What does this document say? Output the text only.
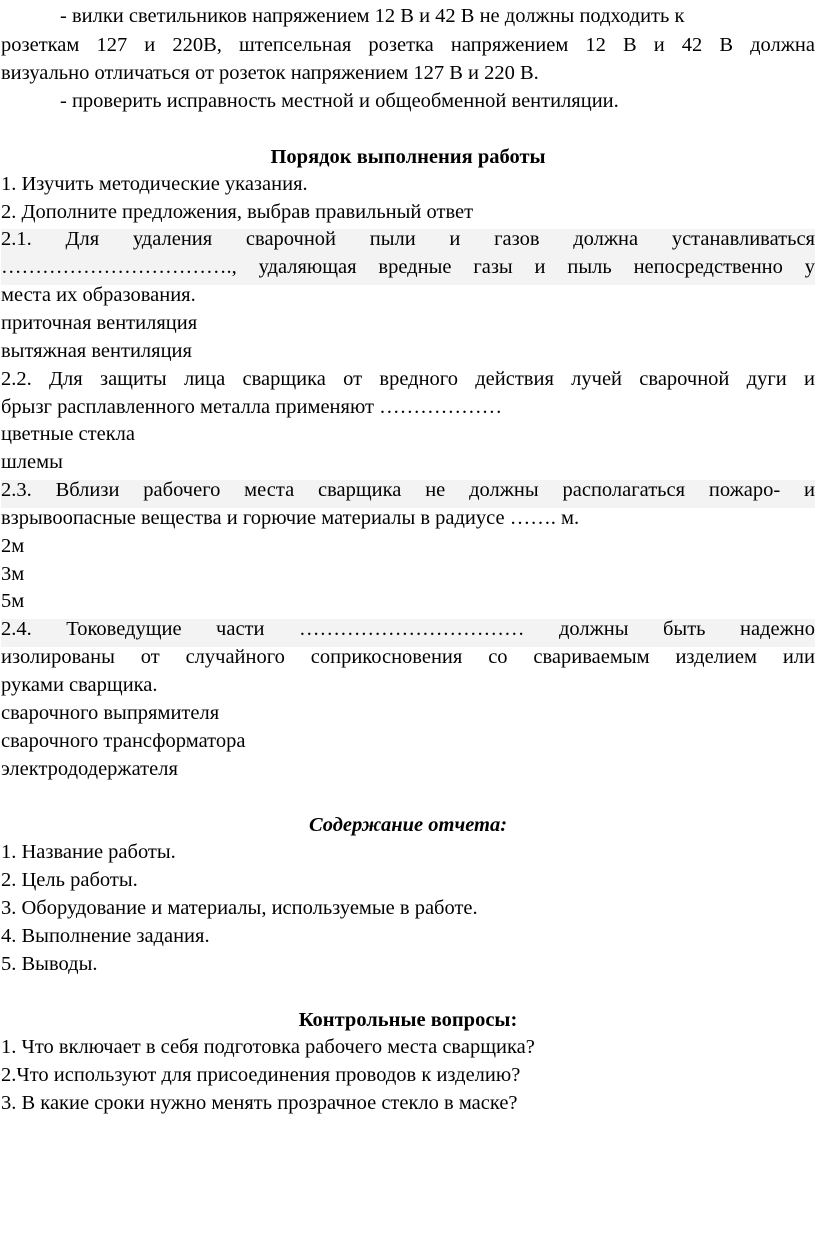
- вилки светильников напряжением 12 В и 42 В не должны подходить к
розеткам 127 и 220В, штепсельная розетка напряжением 12 В и 42 В должна
визуально отличаться от розеток напряжением 127 В и 220 В.
- проверить исправность местной и общеобменной вентиляции.
Порядок выполнения работы
1. Изучить методические указания.
2. Дополните предложения, выбрав правильный ответ
2.1. Для удаления сварочной пыли и газов должна устанавливаться
……………………………., удаляющая вредные газы и пыль непосредственно у
места их образования.
приточная вентиляция
вытяжная вентиляция
2.2. Для защиты лица сварщика от вредного действия лучей сварочной дуги и
брызг расплавленного металла применяют ………………
цветные стекла
шлемы
2.3. Вблизи рабочего места сварщика не должны располагаться пожаро- и
взрывоопасные вещества и горючие материалы в радиусе ……. м.
2м
3м
5м
2.4. Токоведущие части …………………………… должны быть надежно
изолированы от случайного соприкосновения со свариваемым изделием или
руками сварщика.
сварочного выпрямителя
сварочного трансформатора
электрододержателя
Содержание отчета:
1. Название работы.
2. Цель работы.
3. Оборудование и материалы, используемые в работе.
4. Выполнение задания.
5. Выводы.
Контрольные вопросы:
1. Что включает в себя подготовка рабочего места сварщика?
2.Что используют для присоединения проводов к изделию?
3. В какие сроки нужно менять прозрачное стекло в маске?
